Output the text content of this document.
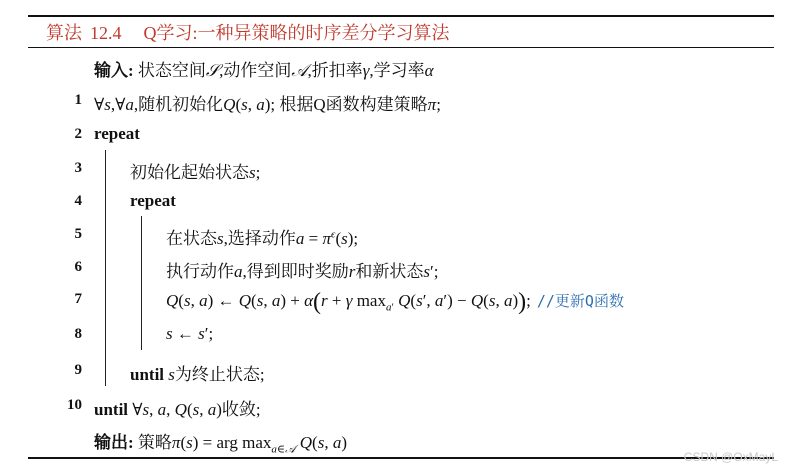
算法 12.4 Q学习:一种异策略的时序差分学习算法
输入: 状态空间𝒮,动作空间𝒜,折扣率γ,学习率α
1
2
3
4
5
6
7
8
9
10
∀s,∀a,随机初始化Q(s, a); 根据Q函数构建策略π;
repeat
初始化起始状态s;
repeat
在状态s,选择动作$a = \pi^\epsilon(s)$;
执行动作a,得到即时奖励r和新状态s′;
Q(s, a) ← Q(s, a) + α(r + γ $\max_{a'} Q(s'$, a′) − Q(s, a)); //更新Q函数
s ← s′;
until s为终止状态;
until ∀s, a, Q(s, a)收敛;
输出: 策略π(s) = arg $\max_{a\in 𝒜} Q(s$, a)
CSDN @OxMayL
